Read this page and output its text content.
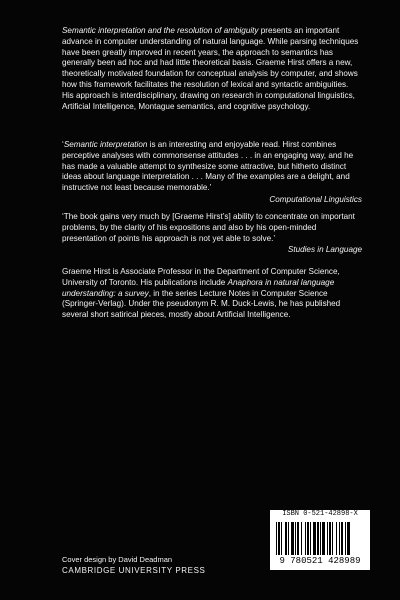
Semantic interpretation and the resolution of ambiguity presents an important advance in computer understanding of natural language. While parsing techniques have been greatly improved in recent years, the approach to semantics has generally been ad hoc and had little theoretical basis. Graeme Hirst offers a new, theoretically motivated foundation for conceptual analysis by computer, and shows how this framework facilitates the resolution of lexical and syntactic ambiguities. His approach is interdisciplinary, drawing on research in computational linguistics, Artificial Intelligence, Montague semantics, and cognitive psychology.

‘Semantic interpretation is an interesting and enjoyable read. Hirst combines perceptive analyses with commonsense attitudes . . . in an engaging way, and he has made a valuable attempt to synthesize some attractive, but hitherto distinct ideas about language interpretation . . . Many of the examples are a delight, and instructive not least because memorable.’

Computational Linguistics

‘The book gains very much by [Graeme Hirst’s] ability to concentrate on important problems, by the clarity of his expositions and also by his open-minded presentation of points his approach is not yet able to solve.’

Studies in Language

Graeme Hirst is Associate Professor in the Department of Computer Science, University of Toronto. His publications include Anaphora in natural language understanding: a survey, in the series Lecture Notes in Computer Science (Springer-Verlag). Under the pseudonym R. M. Duck-Lewis, he has published several short satirical pieces, mostly about Artificial Intelligence.

ISBN 0-521-42898-X
9 780521 428989
Cover design by David Deadman
CAMBRIDGE UNIVERSITY PRESS
